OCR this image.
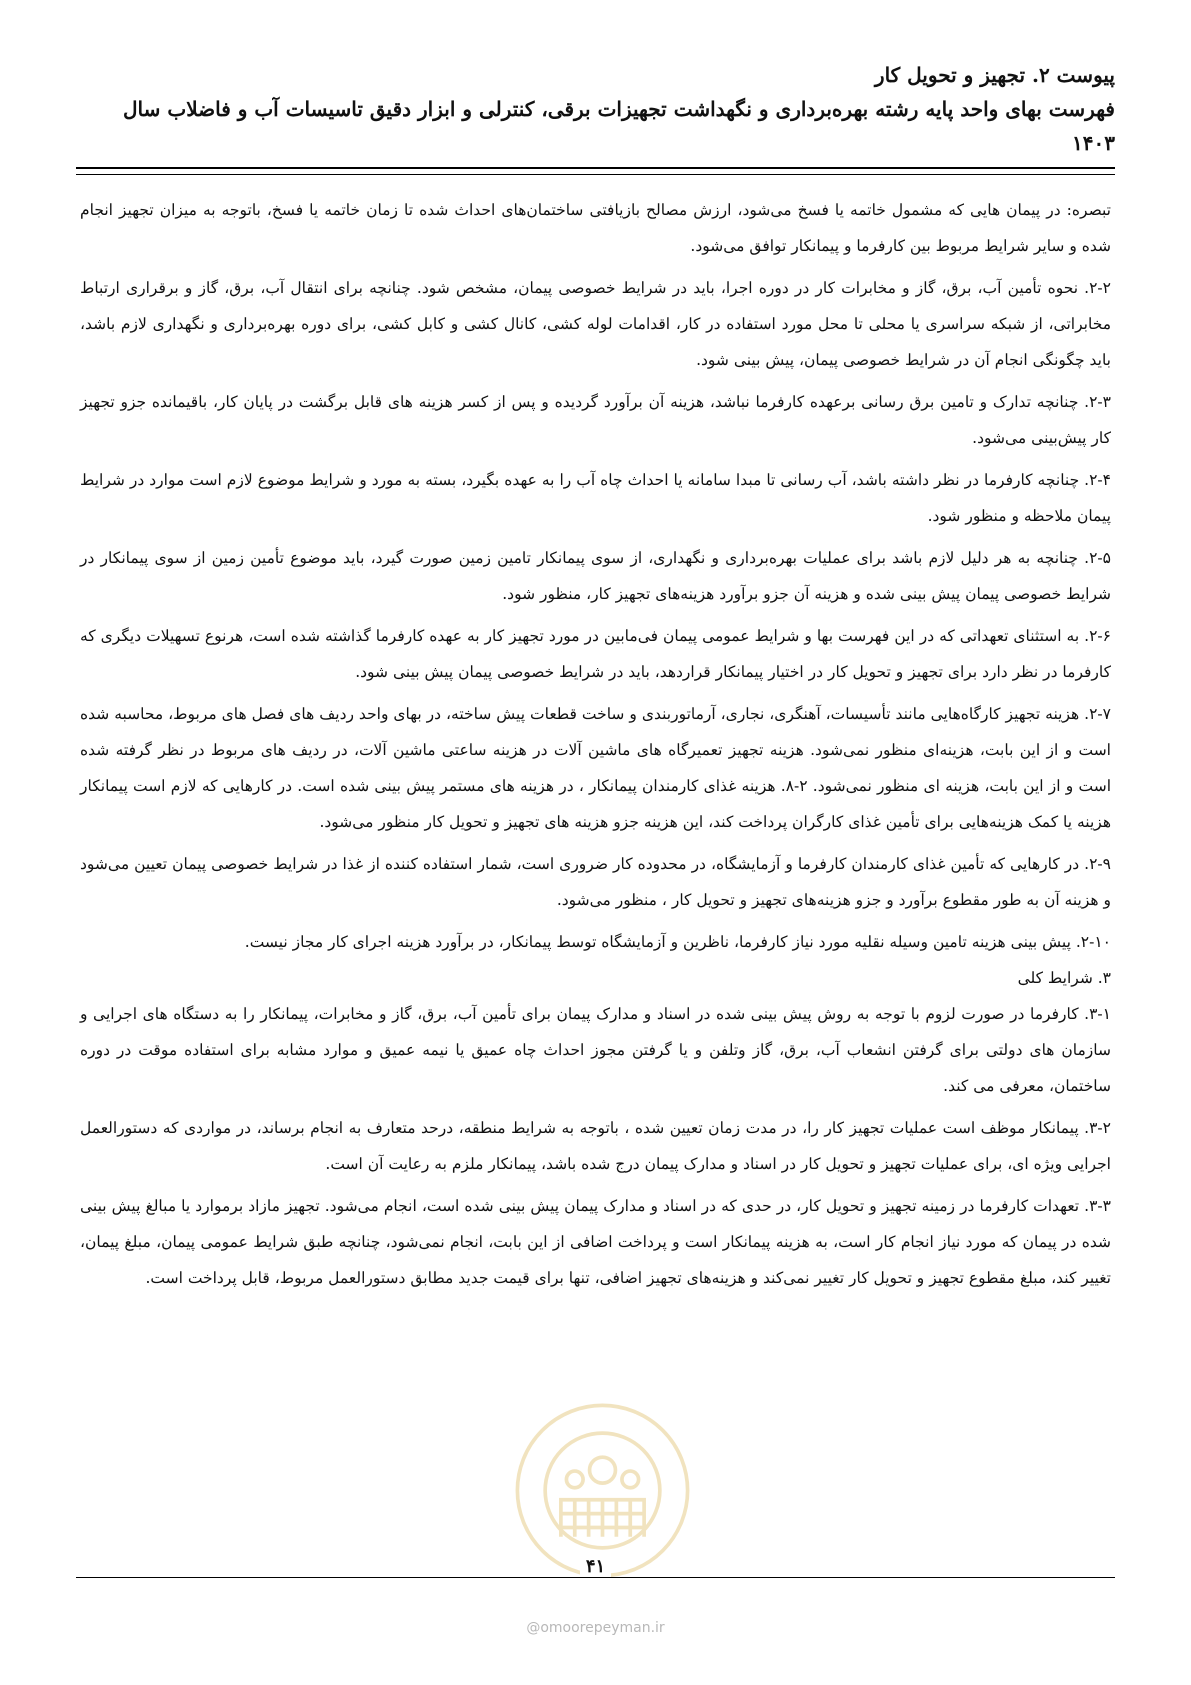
پیوست ۲. تجهیز و تحویل کار
فهرست بهای واحد پایه رشته بهره‌برداری و نگهداشت تجهیزات برقی، کنترلی و ابزار دقیق تاسیسات آب و فاضلاب سال ۱۴۰۳

تبصره: در پیمان هایی که مشمول خاتمه یا فسخ می‌شود، ارزش مصالح بازیافتی ساختمان‌های احداث شده تا زمان خاتمه یا فسخ، باتوجه به میزان تجهیز انجام شده و سایر شرایط مربوط بین کارفرما و پیمانکار توافق می‌شود.

۲-۲. نحوه تأمین آب، برق، گاز و مخابرات کار در دوره اجرا، باید در شرایط خصوصی پیمان، مشخص شود. چنانچه برای انتقال آب، برق، گاز و برقراری ارتباط مخابراتی، از شبکه سراسری یا محلی تا محل مورد استفاده در کار، اقدامات لوله کشی، کانال کشی و کابل کشی، برای دوره بهره‌برداری و نگهداری لازم باشد، باید چگونگی انجام آن در شرایط خصوصی پیمان، پیش بینی شود.

۲-۳. چنانچه تدارک و تامین برق رسانی برعهده کارفرما نباشد، هزینه آن برآورد گردیده و پس از کسر هزینه های قابل برگشت در پایان کار، باقیمانده جزو تجهیز کار پیش‌بینی می‌شود.

۲-۴. چنانچه کارفرما در نظر داشته باشد، آب رسانی تا مبدا سامانه یا احداث چاه آب را به عهده بگیرد، بسته به مورد و شرایط موضوع لازم است موارد در شرایط پیمان ملاحظه و منظور شود.

۲-۵. چنانچه به هر دلیل لازم باشد برای عملیات بهره‌برداری و نگهداری، از سوی پیمانکار تامین زمین صورت گیرد، باید موضوع تأمین زمین از سوی پیمانکار در شرایط خصوصی پیمان پیش بینی شده و هزینه آن جزو برآورد هزینه‌های تجهیز کار، منظور شود.

۲-۶. به استثنای تعهداتی که در این فهرست بها و شرایط عمومی پیمان فی‌مابین در مورد تجهیز کار به عهده کارفرما گذاشته شده است، هرنوع تسهیلات دیگری که کارفرما در نظر دارد برای تجهیز و تحویل کار در اختیار پیمانکار قراردهد، باید در شرایط خصوصی پیمان پیش بینی شود.

۲-۷. هزینه تجهیز کارگاه‌هایی مانند تأسیسات، آهنگری، نجاری، آرماتوربندی و ساخت قطعات پیش ساخته، در بهای واحد ردیف های فصل های مربوط، محاسبه شده است و از این بابت، هزینه‌ای منظور نمی‌شود. هزینه تجهیز تعمیرگاه های ماشین آلات در هزینه ساعتی ماشین آلات، در ردیف های مربوط در نظر گرفته شده است و از این بابت، هزینه ای منظور نمی‌شود. ۲-۸. هزینه غذای کارمندان پیمانکار ، در هزینه های مستمر پیش بینی شده است. در کارهایی که لازم است پیمانکار هزینه یا کمک هزینه‌هایی برای تأمین غذای کارگران پرداخت کند، این هزینه جزو هزینه های تجهیز و تحویل کار منظور می‌شود.

۲-۹. در کارهایی که تأمین غذای کارمندان کارفرما و آزمایشگاه، در محدوده کار ضروری است، شمار استفاده کننده از غذا در شرایط خصوصی پیمان تعیین می‌شود و هزینه آن به طور مقطوع برآورد و جزو هزینه‌های تجهیز و تحویل کار ، منظور می‌شود.

۲-۱۰. پیش بینی هزینه تامین وسیله نقلیه مورد نیاز کارفرما، ناظرین و آزمایشگاه توسط پیمانکار، در برآورد هزینه اجرای کار مجاز نیست.

۳. شرایط کلی

۳-۱. کارفرما در صورت لزوم با توجه به روش پیش بینی شده در اسناد و مدارک پیمان برای تأمین آب، برق، گاز و مخابرات، پیمانکار را به دستگاه های اجرایی و سازمان های دولتی برای گرفتن انشعاب آب، برق، گاز وتلفن و یا گرفتن مجوز احداث چاه عمیق یا نیمه عمیق و موارد مشابه برای استفاده موقت در دوره ساختمان، معرفی می کند.

۳-۲. پیمانکار موظف است عملیات تجهیز کار را، در مدت زمان تعیین شده ، باتوجه به شرایط منطقه، درحد متعارف به انجام برساند، در مواردی که دستورالعمل اجرایی ویژه ای، برای عملیات تجهیز و تحویل کار در اسناد و مدارک پیمان درج شده باشد، پیمانکار ملزم به رعایت آن است.

۳-۳. تعهدات کارفرما در زمینه تجهیز و تحویل کار، در حدی که در اسناد و مدارک پیمان پیش بینی شده است، انجام می‌شود. تجهیز مازاد برموارد یا مبالغ پیش بینی شده در پیمان که مورد نیاز انجام کار است، به هزینه پیمانکار است و پرداخت اضافی از این بابت، انجام نمی‌شود، چنانچه طبق شرایط عمومی پیمان، مبلغ پیمان، تغییر کند، مبلغ مقطوع تجهیز و تحویل کار تغییر نمی‌کند و هزینه‌های تجهیز اضافی، تنها برای قیمت جدید مطابق دستورالعمل مربوط، قابل پرداخت است.

۴۱
@omoorepeyman.ir
